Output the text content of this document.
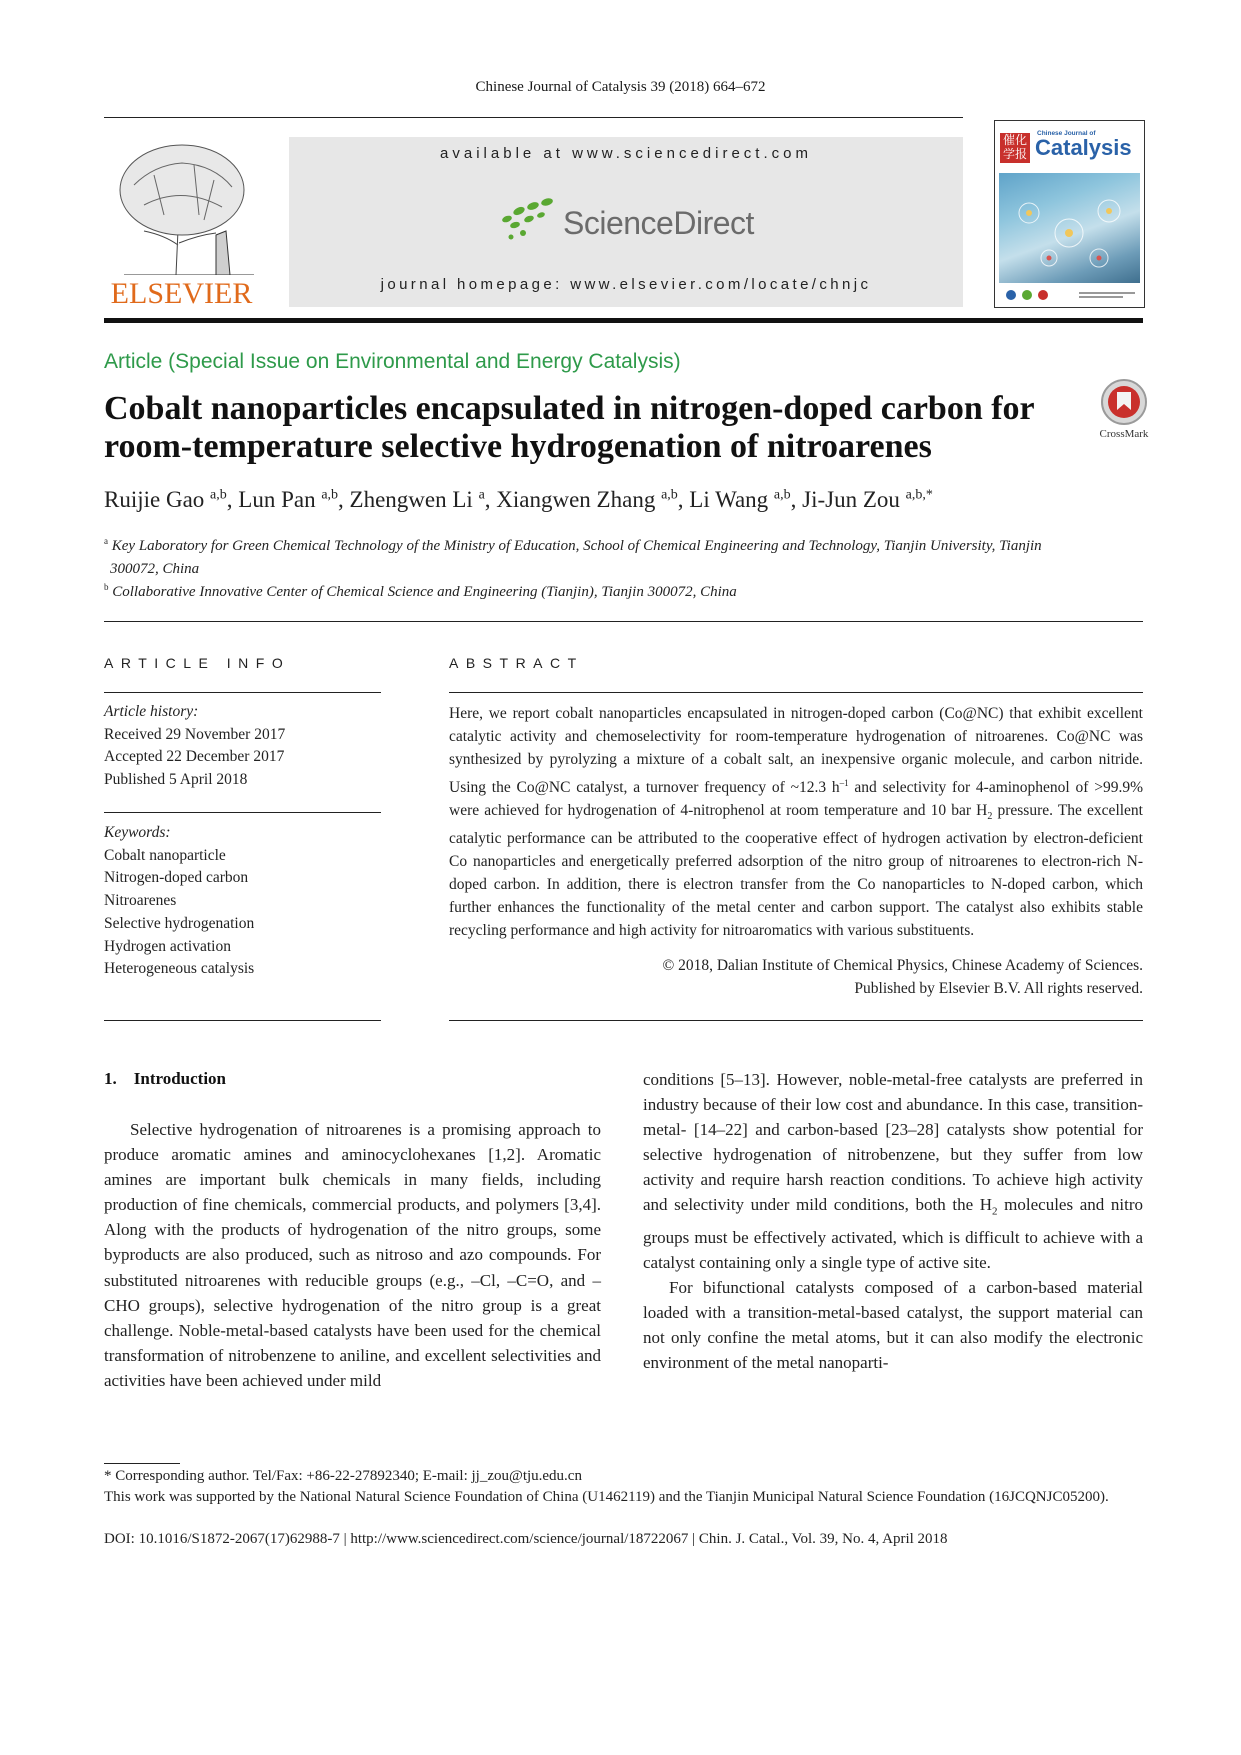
Chinese Journal of Catalysis 39 (2018) 664–672
ELSEVIER
available at www.sciencedirect.com
ScienceDirect
journal homepage: www.elsevier.com/locate/chnjc
催化学报
Chinese Journal of
Catalysis
Article (Special Issue on Environmental and Energy Catalysis)
Cobalt nanoparticles encapsulated in nitrogen-doped carbon for
room-temperature selective hydrogenation of nitroarenes	CrossMark
Ruijie Gao $^{a,b}$, Lun Pan $^{a,b}$, Zhengwen Li $^a$, Xiangwen Zhang $^{a,b}$, Li Wang $^{a,b}$, Ji-Jun Zou $^{a,b,*}$
$^a$ Key Laboratory for Green Chemical Technology of the Ministry of Education, School of Chemical Engineering and Technology, Tianjin University, Tianjin
300072, China
$^b$ Collaborative Innovative Center of Chemical Science and Engineering (Tianjin), Tianjin 300072, China
ARTICLE INFO
Article history:
Received 29 November 2017
Accepted 22 December 2017
Published 5 April 2018
Keywords:
Cobalt nanoparticle
Nitrogen-doped carbon
Nitroarenes
Selective hydrogenation
Hydrogen activation
Heterogeneous catalysis
ABSTRACT
Here, we report cobalt nanoparticles encapsulated in nitrogen-doped carbon (Co@NC) that exhibit excellent catalytic activity and chemoselectivity for room-temperature hydrogenation of nitroarenes. Co@NC was synthesized by pyrolyzing a mixture of a cobalt salt, an inexpensive organic molecule, and carbon nitride. Using the Co@NC catalyst, a turnover frequency of ~12.3 $h^{-1}$ and selectivity for 4-aminophenol of >99.9% were achieved for hydrogenation of 4-nitrophenol at room temperature and 10 bar $H_2$ pressure. The excellent catalytic performance can be attributed to the cooperative effect of hydrogen activation by electron-deficient Co nanoparticles and energetically preferred adsorption of the nitro group of nitroarenes to electron-rich N-doped carbon. In addition, there is electron transfer from the Co nanoparticles to N-doped carbon, which further enhances the functionality of the metal center and carbon support. The catalyst also exhibits stable recycling performance and high activity for nitroaromatics with various substituents.
© 2018, Dalian Institute of Chemical Physics, Chinese Academy of Sciences.
Published by Elsevier B.V. All rights reserved.
1.    Introduction

Selective hydrogenation of nitroarenes is a promising approach to produce aromatic amines and aminocyclohexanes [1,2]. Aromatic amines are important bulk chemicals in many fields, including production of fine chemicals, commercial products, and polymers [3,4]. Along with the products of hydrogenation of the nitro groups, some byproducts are also produced, such as nitroso and azo compounds. For substituted nitroarenes with reducible groups (e.g., –Cl, –C=O, and –CHO groups), selective hydrogenation of the nitro group is a great challenge. Noble-metal-based catalysts have been used for the chemical transformation of nitrobenzene to aniline, and excellent selectivities and activities have been achieved under mild

conditions [5–13]. However, noble-metal-free catalysts are preferred in industry because of their low cost and abundance. In this case, transition-metal- [14–22] and carbon-based [23–28] catalysts show potential for selective hydrogenation of nitrobenzene, but they suffer from low activity and require harsh reaction conditions. To achieve high activity and selectivity under mild conditions, both the $H_2$ molecules and nitro groups must be effectively activated, which is difficult to achieve with a catalyst containing only a single type of active site.

For bifunctional catalysts composed of a carbon-based material loaded with a transition-metal-based catalyst, the support material can not only confine the metal atoms, but it can also modify the electronic environment of the metal nanoparti-

* Corresponding author. Tel/Fax: +86-22-27892340; E-mail: jj_zou@tju.edu.cn
This work was supported by the National Natural Science Foundation of China (U1462119) and the Tianjin Municipal Natural Science Foundation (16JCQNJC05200).
DOI: 10.1016/S1872-2067(17)62988-7 | http://www.sciencedirect.com/science/journal/18722067 | Chin. J. Catal., Vol. 39, No. 4, April 2018
